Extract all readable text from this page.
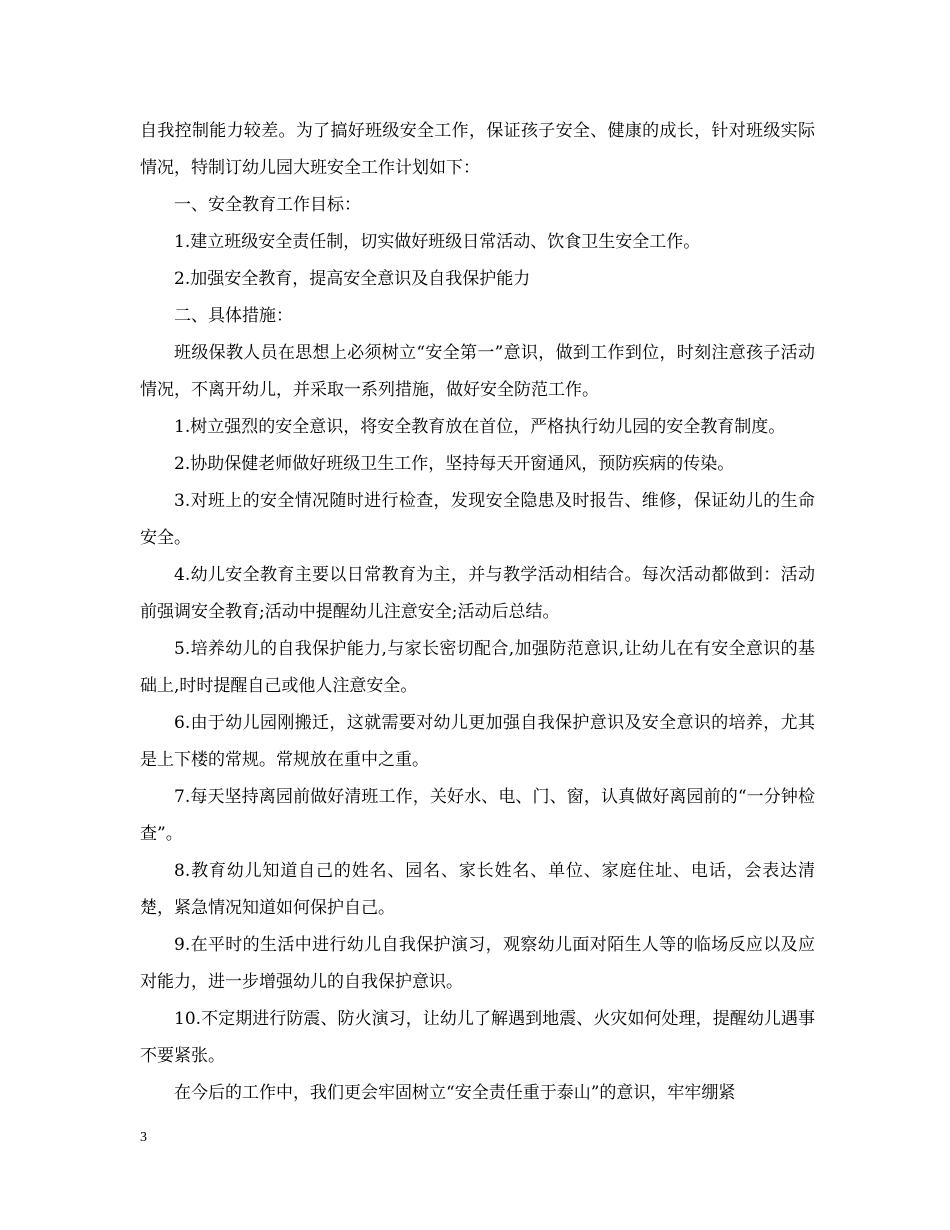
自我控制能力较差。为了搞好班级安全工作，保证孩子安全、健康的成长，针对班级实际情况，特制订幼儿园大班安全工作计划如下：

一、安全教育工作目标：

1.建立班级安全责任制，切实做好班级日常活动、饮食卫生安全工作。

2.加强安全教育，提高安全意识及自我保护能力

二、具体措施：

班级保教人员在思想上必须树立“安全第一”意识，做到工作到位，时刻注意孩子活动情况，不离开幼儿，并采取一系列措施，做好安全防范工作。

1.树立强烈的安全意识，将安全教育放在首位，严格执行幼儿园的安全教育制度。

2.协助保健老师做好班级卫生工作，坚持每天开窗通风，预防疾病的传染。

3.对班上的安全情况随时进行检查，发现安全隐患及时报告、维修，保证幼儿的生命安全。

4.幼儿安全教育主要以日常教育为主，并与教学活动相结合。每次活动都做到：活动前强调安全教育;活动中提醒幼儿注意安全;活动后总结。

5.培养幼儿的自我保护能力,与家长密切配合,加强防范意识,让幼儿在有安全意识的基础上,时时提醒自己或他人注意安全。

6.由于幼儿园刚搬迁，这就需要对幼儿更加强自我保护意识及安全意识的培养，尤其是上下楼的常规。常规放在重中之重。

7.每天坚持离园前做好清班工作，关好水、电、门、窗，认真做好离园前的“一分钟检查”。

8.教育幼儿知道自己的姓名、园名、家长姓名、单位、家庭住址、电话，会表达清楚，紧急情况知道如何保护自己。

9.在平时的生活中进行幼儿自我保护演习，观察幼儿面对陌生人等的临场反应以及应对能力，进一步增强幼儿的自我保护意识。

10.不定期进行防震、防火演习，让幼儿了解遇到地震、火灾如何处理，提醒幼儿遇事不要紧张。

在今后的工作中，我们更会牢固树立“安全责任重于泰山”的意识，牢牢绷紧

3
